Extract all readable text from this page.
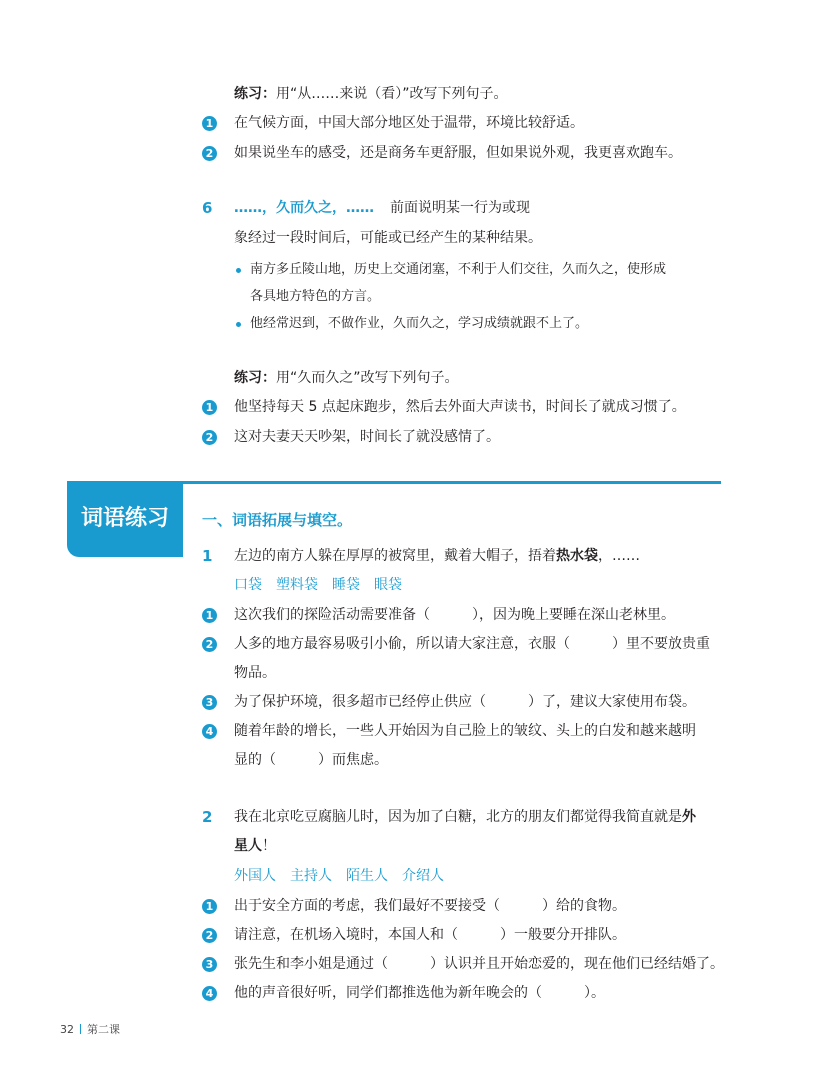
练习：用“从……来说（看）”改写下列句子。
1 在气候方面，中国大部分地区处于温带，环境比较舒适。
2 如果说坐车的感受，还是商务车更舒服，但如果说外观，我更喜欢跑车。
6 ……，久而久之，…… 前面说明某一行为或现
象经过一段时间后，可能或已经产生的某种结果。
南方多丘陵山地，历史上交通闭塞，不利于人们交往，久而久之，使形成
各具地方特色的方言。
他经常迟到，不做作业，久而久之，学习成绩就跟不上了。
练习：用“久而久之”改写下列句子。
1 他坚持每天 5 点起床跑步，然后去外面大声读书，时间长了就成习惯了。
2 这对夫妻天天吵架，时间长了就没感情了。
词语练习	一、词语拓展与填空。
1 左边的南方人躲在厚厚的被窝里，戴着大帽子，捂着热水袋，……
口袋 塑料袋 睡袋 眼袋
1 这次我们的探险活动需要准备（　　　），因为晚上要睡在深山老林里。
2 人多的地方最容易吸引小偷，所以请大家注意，衣服（　　　）里不要放贵重
物品。
3 为了保护环境，很多超市已经停止供应（　　　）了，建议大家使用布袋。
4 随着年龄的增长，一些人开始因为自己脸上的皱纹、头上的白发和越来越明
显的（　　　）而焦虑。
2 我在北京吃豆腐脑儿时，因为加了白糖，北方的朋友们都觉得我简直就是外
星人！
外国人 主持人 陌生人 介绍人
1 出于安全方面的考虑，我们最好不要接受（　　　）给的食物。
2 请注意，在机场入境时，本国人和（　　　）一般要分开排队。
3 张先生和李小姐是通过（　　　）认识并且开始恋爱的，现在他们已经结婚了。
4 他的声音很好听，同学们都推选他为新年晚会的（　　　）。
32 第二课
